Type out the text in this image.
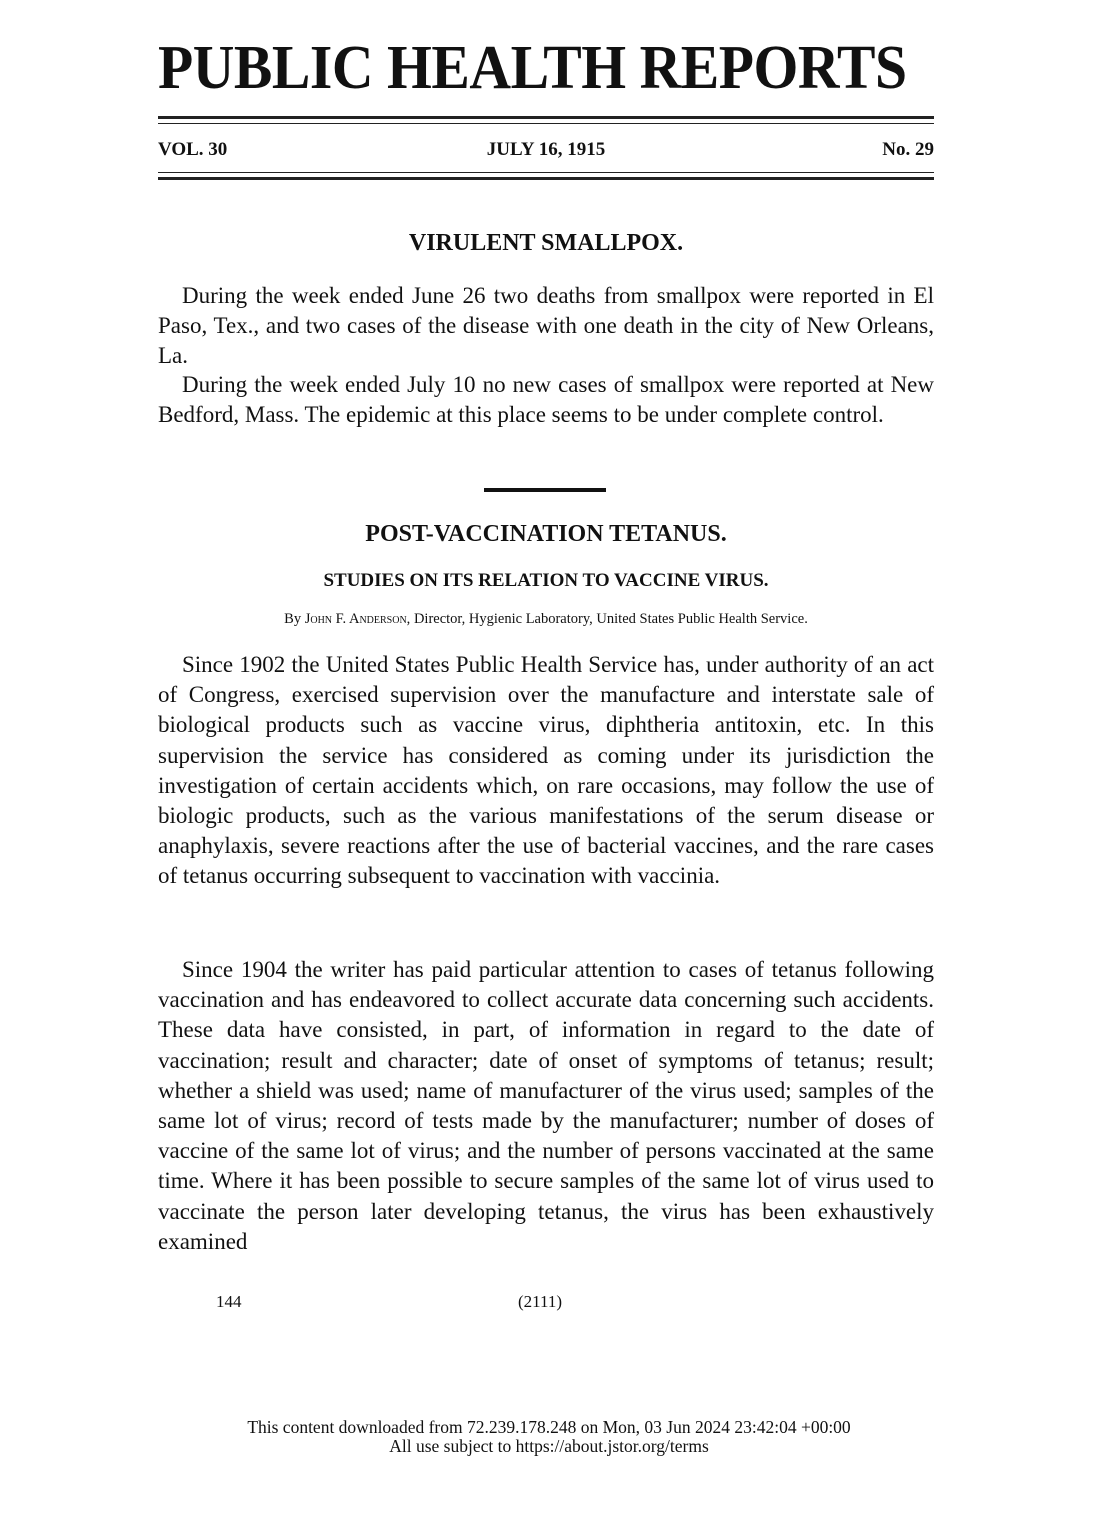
PUBLIC HEALTH REPORTS
VOL. 30	JULY 16, 1915	No. 29
VIRULENT SMALLPOX.

During the week ended June 26 two deaths from smallpox were reported in El Paso, Tex., and two cases of the disease with one death in the city of New Orleans, La.

During the week ended July 10 no new cases of smallpox were reported at New Bedford, Mass. The epidemic at this place seems to be under complete control.

POST-VACCINATION TETANUS.
STUDIES ON ITS RELATION TO VACCINE VIRUS.
By John F. Anderson, Director, Hygienic Laboratory, United States Public Health Service.

Since 1902 the United States Public Health Service has, under authority of an act of Congress, exercised supervision over the manufacture and interstate sale of biological products such as vaccine virus, diphtheria antitoxin, etc. In this supervision the service has considered as coming under its jurisdiction the investigation of certain accidents which, on rare occasions, may follow the use of biologic products, such as the various manifestations of the serum disease or anaphylaxis, severe reactions after the use of bacterial vaccines, and the rare cases of tetanus occurring subsequent to vaccination with vaccinia.

Since 1904 the writer has paid particular attention to cases of tetanus following vaccination and has endeavored to collect accurate data concerning such accidents. These data have consisted, in part, of information in regard to the date of vaccination; result and character; date of onset of symptoms of tetanus; result; whether a shield was used; name of manufacturer of the virus used; samples of the same lot of virus; record of tests made by the manufacturer; number of doses of vaccine of the same lot of virus; and the number of persons vaccinated at the same time. Where it has been possible to secure samples of the same lot of virus used to vaccinate the person later developing tetanus, the virus has been exhaustively examined

144	(2111)
This content downloaded from 72.239.178.248 on Mon, 03 Jun 2024 23:42:04 +00:00
All use subject to https://about.jstor.org/terms
